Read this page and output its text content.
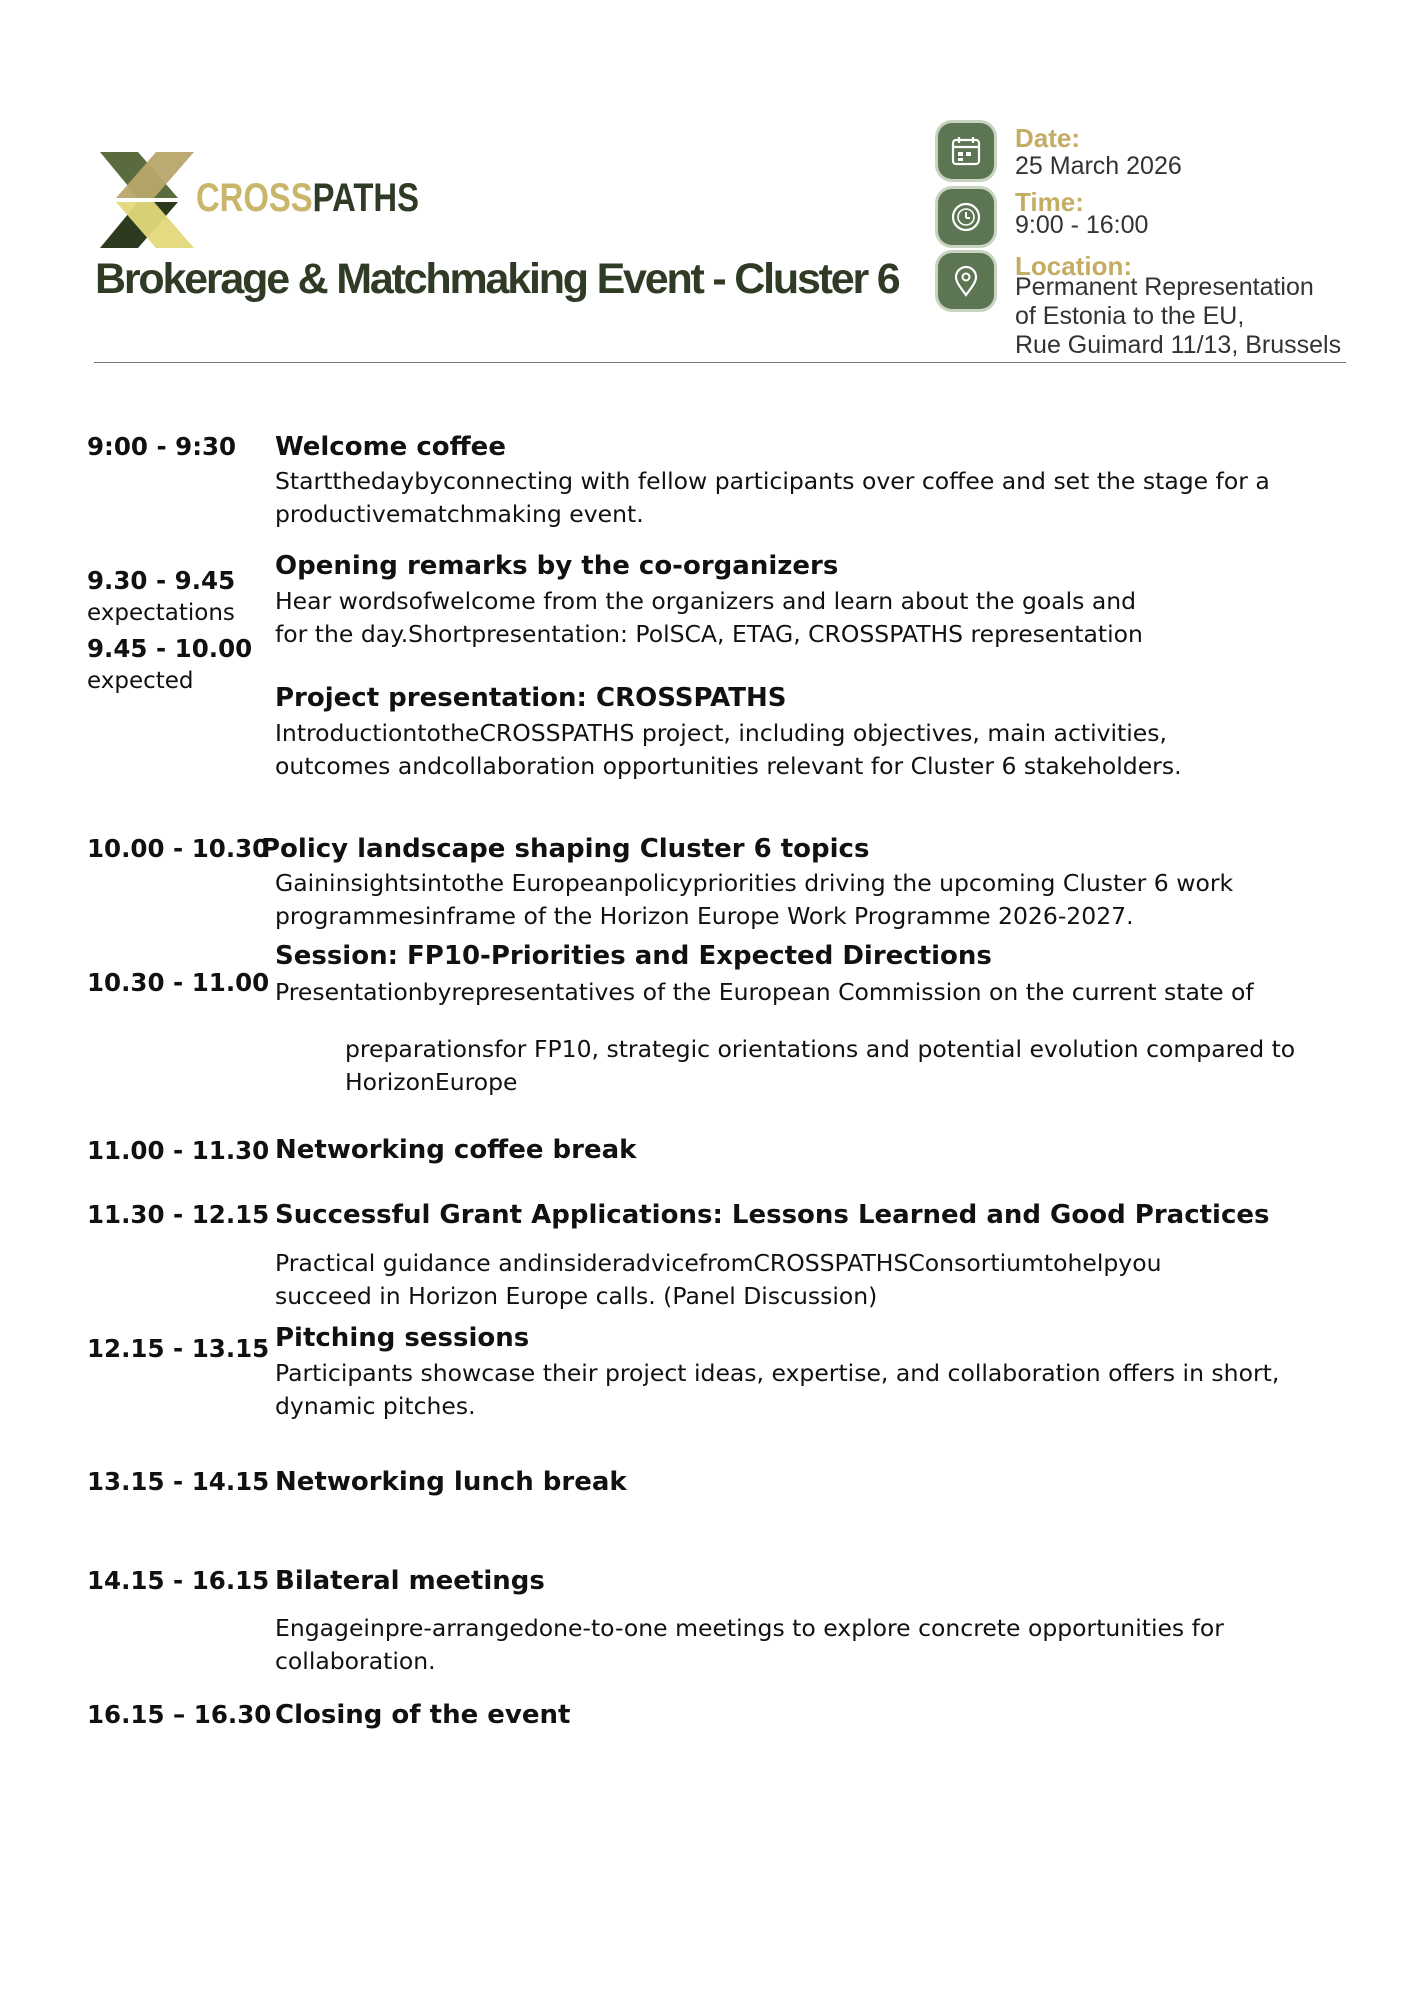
CROSSPATHS
Brokerage & Matchmaking Event - Cluster 6
Date:
25 March 2026
Time:
9:00 - 16:00
Location:
Permanent Representation
of Estonia to the EU,
Rue Guimard 11/13, Brussels
9:00 - 9:30 Welcome coffee
Startthedaybyconnecting with fellow participants over coffee and set the stage for a
productivematchmaking event.
9.30 - 9.45
expectations
Opening remarks by the co-organizers
Hear wordsofwelcome from the organizers and learn about the goals and
for the day.Shortpresentation: PolSCA, ETAG, CROSSPATHS representation
9.45 - 10.00
expected
Project presentation: CROSSPATHS
IntroductiontotheCROSSPATHS project, including objectives, main activities,
outcomes andcollaboration opportunities relevant for Cluster 6 stakeholders.
10.00 - 10.30
Policy landscape shaping Cluster 6 topics
Gaininsightsintothe Europeanpolicypriorities driving the upcoming Cluster 6 work
programmesinframe of the Horizon Europe Work Programme 2026-2027.
10.30 - 11.00
Session: FP10-Priorities and Expected Directions
Presentationbyrepresentatives of the European Commission on the current state of
preparationsfor FP10, strategic orientations and potential evolution compared to
HorizonEurope
11.00 - 11.30 Networking coffee break
11.30 - 12.15 Successful Grant Applications: Lessons Learned and Good Practices
Practical guidance andinsideradvicefromCROSSPATHSConsortiumtohelpyou
succeed in Horizon Europe calls. (Panel Discussion)
12.15 - 13.15 Pitching sessions
Participants showcase their project ideas, expertise, and collaboration offers in short,
dynamic pitches.
13.15 - 14.15 Networking lunch break
14.15 - 16.15 Bilateral meetings
Engageinpre-arrangedone-to-one meetings to explore concrete opportunities for
collaboration.
16.15 – 16.30 Closing of the event
